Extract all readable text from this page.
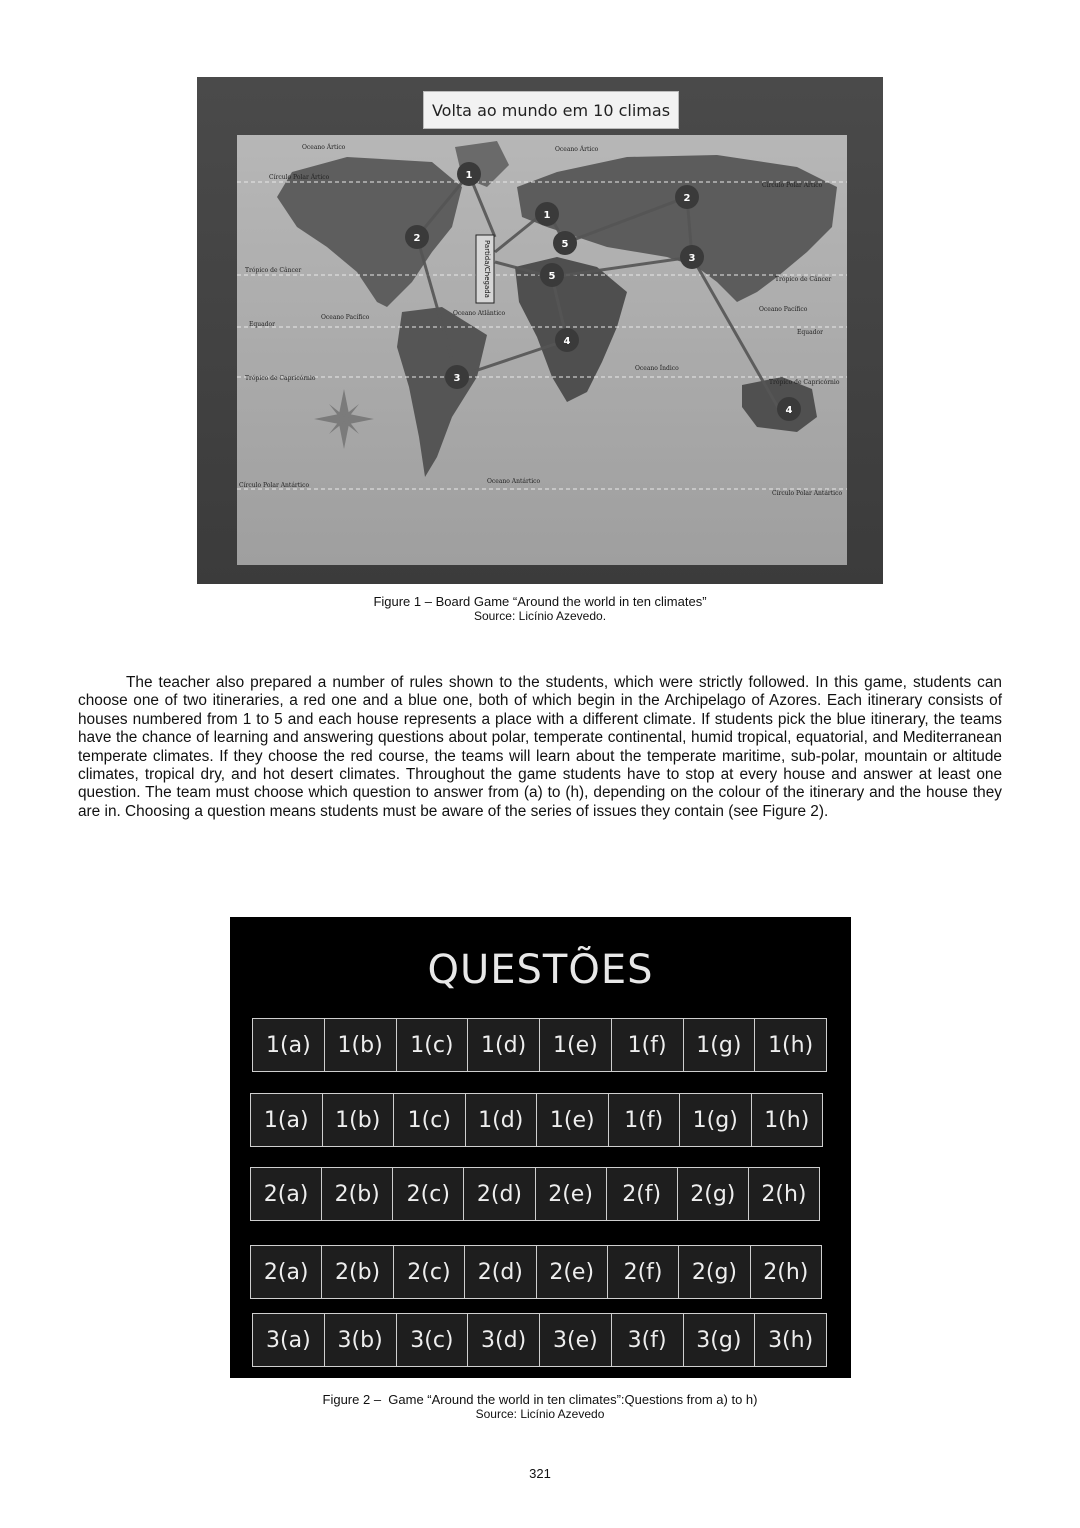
1
2
3
4
1
5
5
2
3
4
Partida/Chegada
Oceano Ártico	Oceano Ártico
Círculo Polar Ártico
Círculo Polar Ártico
Trópico de Câncer
Trópico de Câncer
Oceano Pacífico
Oceano Pacífico
Oceano Atlântico
Equador
Equador
Oceano Índico
Trópico de Capricórnio
Trópico de Capricórnio
Oceano Antártico
Círculo Polar Antártico
Círculo Polar Antártico
Volta ao mundo em 10 climas
Figure 1 – Board Game “Around the world in ten climates”
Source: Licínio Azevedo.

The teacher also prepared a number of rules shown to the students, which were strictly followed. In this game, students can choose one of two itineraries, a red one and a blue one, both of which begin in the Archipelago of Azores. Each itinerary consists of houses numbered from 1 to 5 and each house represents a place with a different climate. If students pick the blue itinerary, the teams have the chance of learning and answering questions about polar, temperate continental, humid tropical, equatorial, and Mediterranean temperate climates. If they choose the red course, the teams will learn about the temperate maritime, sub-polar, mountain or altitude climates, tropical dry, and hot desert climates. Throughout the game students have to stop at every house and answer at least one question. The team must choose which question to answer from (a) to (h), depending on the colour of the itinerary and the house they are in. Choosing a question means students must be aware of the series of issues they contain (see Figure 2).

QUESTÕES
1(a)	1(b)	1(c)	1(d)	1(e)	1(f)	1(g)	1(h)
1(a)	1(b)	1(c)	1(d)	1(e)	1(f)	1(g)	1(h)
2(a)	2(b)	2(c)	2(d)	2(e)	2(f)	2(g)	2(h)
2(a)	2(b)	2(c)	2(d)	2(e)	2(f)	2(g)	2(h)
3(a)	3(b)	3(c)	3(d)	3(e)	3(f)	3(g)	3(h)
Figure 2 –  Game “Around the world in ten climates”:Questions from a) to h)
Source: Licínio Azevedo
321
